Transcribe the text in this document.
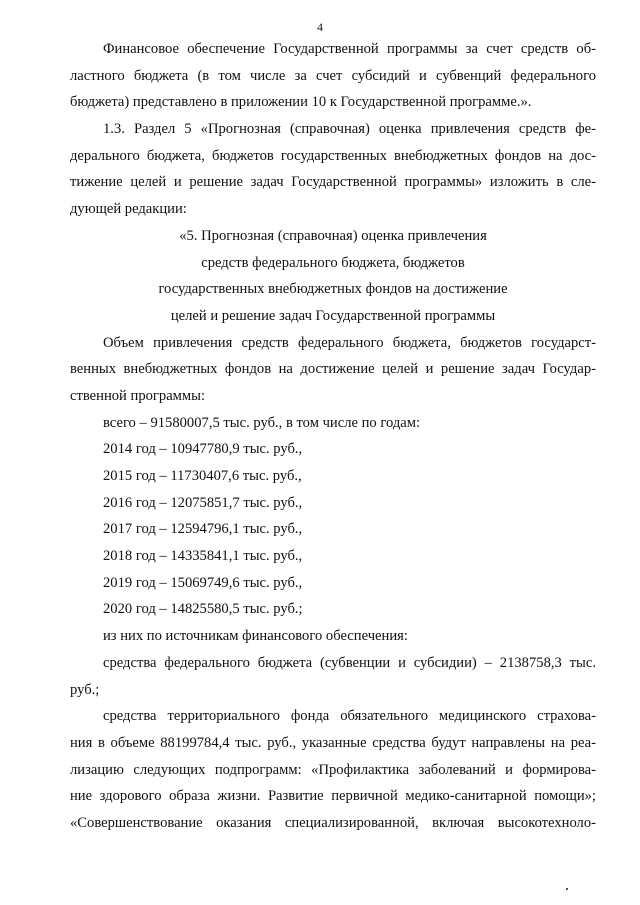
4
Финансовое обеспечение Государственной программы за счет средств об-
ластного бюджета (в том числе за счет субсидий и субвенций федерального
бюджета) представлено в приложении 10 к Государственной программе.».
1.3. Раздел 5 «Прогнозная (справочная) оценка привлечения средств фе-
дерального бюджета, бюджетов государственных внебюджетных фондов на дос-
тижение целей и решение задач Государственной программы» изложить в сле-
дующей редакции:
«5. Прогнозная (справочная) оценка привлечения
средств федерального бюджета, бюджетов
государственных внебюджетных фондов на достижение
целей и решение задач Государственной программы
Объем привлечения средств федерального бюджета, бюджетов государст-
венных внебюджетных фондов на достижение целей и решение задач Государ-
ственной программы:
всего – 91580007,5 тыс. руб., в том числе по годам:
2014 год – 10947780,9 тыс. руб.,
2015 год – 11730407,6 тыс. руб.,
2016 год – 12075851,7 тыс. руб.,
2017 год – 12594796,1 тыс. руб.,
2018 год – 14335841,1 тыс. руб.,
2019 год – 15069749,6 тыс. руб.,
2020 год – 14825580,5 тыс. руб.;
из них по источникам финансового обеспечения:
средства федерального бюджета (субвенции и субсидии) – 2138758,3 тыс.
руб.;
средства территориального фонда обязательного медицинского страхова-
ния в объеме 88199784,4 тыс. руб., указанные средства будут направлены на реа-
лизацию следующих подпрограмм: «Профилактика заболеваний и формирова-
ние здорового образа жизни. Развитие первичной медико-санитарной помощи»;
«Совершенствование оказания специализированной, включая высокотехноло-
